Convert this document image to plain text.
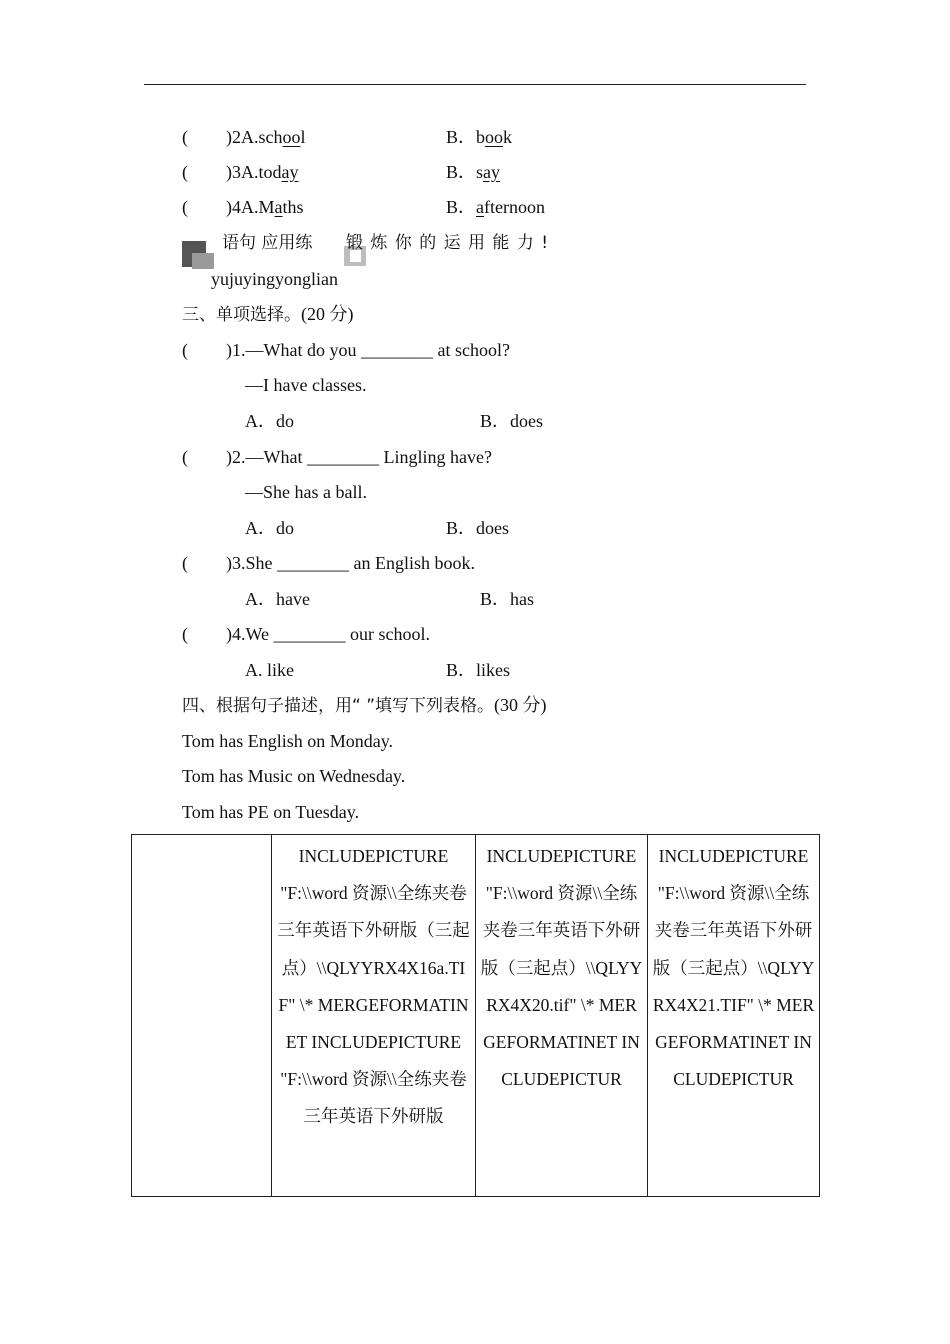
( )2A.school	B．book
( )3A.today	B．say
( )4A.Maths	B．afternoon
语句 应用练 锻 炼 你 的 运 用 能 力 !
yujuyingyonglian
三、单项选择。(20 分)
( )1.—What do you ________ at school?
—I have classes.
A．do	B．does
( )2.—What ________ Lingling have?
—She has a ball.
A．do	B．does
( )3.She ________ an English book.
A．have	B．has
( )4.We ________ our school.
A. like	B．likes
四、根据句子描述，用“ ”填写下列表格。(30 分)
Tom has English on Monday.
Tom has Music on Wednesday.
Tom has PE on Tuesday.

INCLUDEPICTURE "F:\\word 资源\\全练夹卷三年英语下外研版（三起点）\\QLYYRX4X16a.TIF" \* MERGEFORMATINET INCLUDEPICTURE "F:\\word 资源\\全练夹卷三年英语下外研版

INCLUDEPICTURE "F:\\word 资源\\全练夹卷三年英语下外研版（三起点）\\QLYYRX4X20.tif" \* MERGEFORMATINET INCLUDEPICTUR

INCLUDEPICTURE "F:\\word 资源\\全练夹卷三年英语下外研版（三起点）\\QLYYRX4X21.TIF" \* MERGEFORMATINET INCLUDEPICTUR
